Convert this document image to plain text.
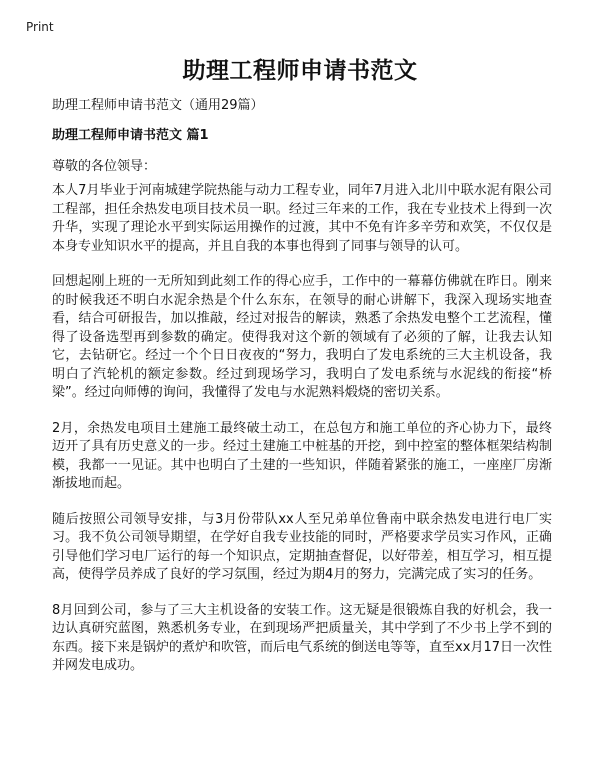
Print
助理工程师申请书范文

助理工程师申请书范文（通用29篇）

助理工程师申请书范文 篇1

尊敬的各位领导：

本人7月毕业于河南城建学院热能与动力工程专业，同年7月进入北川中联水泥有限公司工程部，担任余热发电项目技术员一职。经过三年来的工作，我在专业技术上得到一次升华，实现了理论水平到实际运用操作的过渡，其中不免有许多辛劳和欢笑，不仅仅是本身专业知识水平的提高，并且自我的本事也得到了同事与领导的认可。

回想起刚上班的一无所知到此刻工作的得心应手，工作中的一幕幕仿佛就在昨日。刚来的时候我还不明白水泥余热是个什么东东，在领导的耐心讲解下，我深入现场实地查看，结合可研报告，加以推敲，经过对报告的解读，熟悉了余热发电整个工艺流程，懂得了设备选型再到参数的确定。使得我对这个新的领域有了必须的了解，让我去认知它，去钻研它。经过一个个日日夜夜的“努力，我明白了发电系统的三大主机设备，我明白了汽轮机的额定参数。经过到现场学习，我明白了发电系统与水泥线的衔接“桥梁”。经过向师傅的询问，我懂得了发电与水泥熟料煅烧的密切关系。

2月，余热发电项目土建施工最终破土动工，在总包方和施工单位的齐心协力下，最终迈开了具有历史意义的一步。经过土建施工中桩基的开挖，到中控室的整体框架结构制模，我都一一见证。其中也明白了土建的一些知识，伴随着紧张的施工，一座座厂房渐渐拔地而起。

随后按照公司领导安排，与3月份带队xx人至兄弟单位鲁南中联余热发电进行电厂实习。我不负公司领导期望，在学好自我专业技能的同时，严格要求学员实习作风，正确引导他们学习电厂运行的每一个知识点，定期抽查督促，以好带差，相互学习，相互提高，使得学员养成了良好的学习氛围，经过为期4月的努力，完满完成了实习的任务。

8月回到公司，参与了三大主机设备的安装工作。这无疑是很锻炼自我的好机会，我一边认真研究蓝图，熟悉机务专业，在到现场严把质量关，其中学到了不少书上学不到的东西。接下来是锅炉的煮炉和吹管，而后电气系统的倒送电等等，直至xx月17日一次性并网发电成功。
